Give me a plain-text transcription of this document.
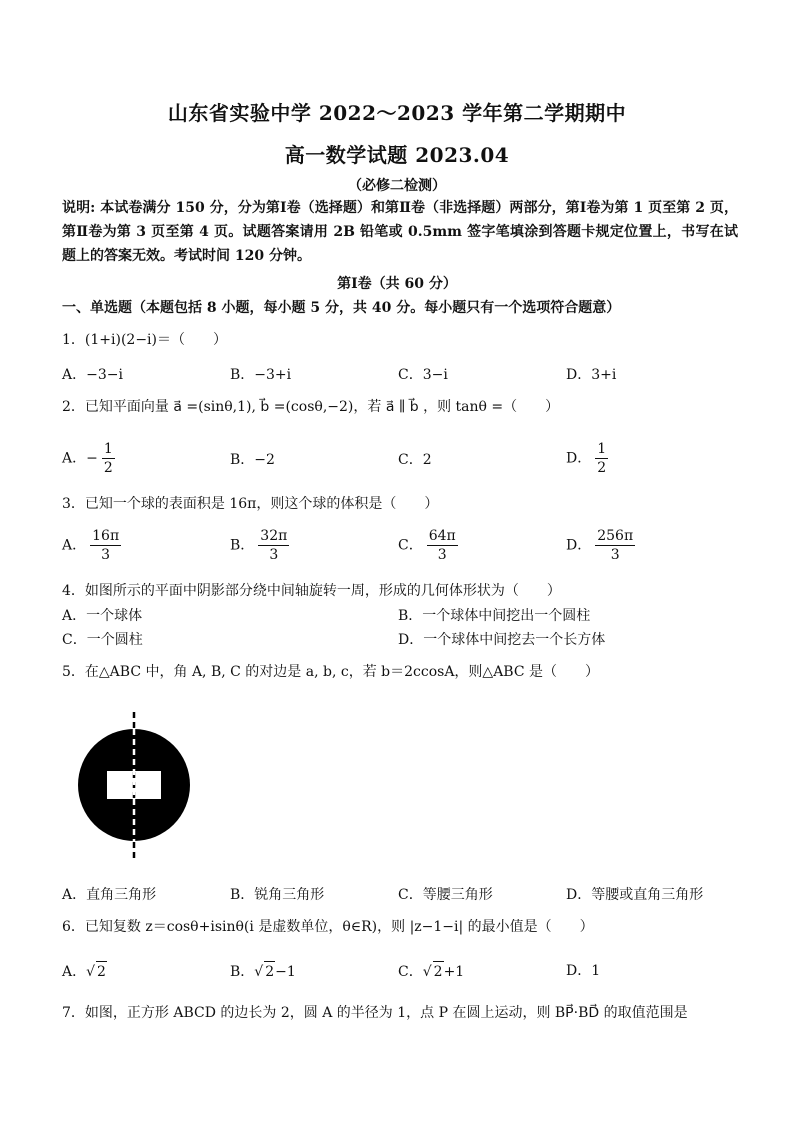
山东省实验中学 2022～2023 学年第二学期期中
高一数学试题 2023.04
（必修二检测）
说明: 本试卷满分 150 分，分为第Ⅰ卷（选择题）和第Ⅱ卷（非选择题）两部分，第Ⅰ卷为第 1 页至第 2 页，第Ⅱ卷为第 3 页至第 4 页。试题答案请用 2B 铅笔或 0.5mm 签字笔填涂到答题卡规定位置上，书写在试题上的答案无效。考试时间 120 分钟。
第Ⅰ卷（共 60 分）
一、单选题（本题包括 8 小题，每小题 5 分，共 40 分。每小题只有一个选项符合题意）
1．(1+i)(2−i)＝（　　）
A．−3−i	B．−3+i	C．3−i	D．3+i
2．已知平面向量 a⃗ =(sinθ,1), b⃗ =(cosθ,−2)，若 a⃗ ∥ b⃗ ，则 tanθ =（　　）
A．− $\frac{1}{2}$	B．−2	C．2	D． $\frac{1}{2}$
3．已知一个球的表面积是 16π，则这个球的体积是（　　）
A． $\frac{16\pi}{3}$	B． $\frac{32\pi}{3}$	C． $\frac{64\pi}{3}$	D． $\frac{256\pi}{3}$
4．如图所示的平面中阴影部分绕中间轴旋转一周，形成的几何体形状为（　　）
A．一个球体	B．一个球体中间挖出一个圆柱
C．一个圆柱	D．一个球体中间挖去一个长方体
5．在△ABC 中，角 A, B, C 的对边是 a, b, c，若 b＝2ccosA，则△ABC 是（　　）
A．直角三角形	B．锐角三角形	C．等腰三角形	D．等腰或直角三角形
6．已知复数 z＝cosθ+isinθ(i 是虚数单位，θ∈R)，则 |z−1−i| 的最小值是（　　）
A．√ 2	B．√ 2−1	C．√ 2+1	D．1
7．如图，正方形 ABCD 的边长为 2，圆 A 的半径为 1，点 P 在圆上运动，则 BP⃗·BD⃗ 的取值范围是
